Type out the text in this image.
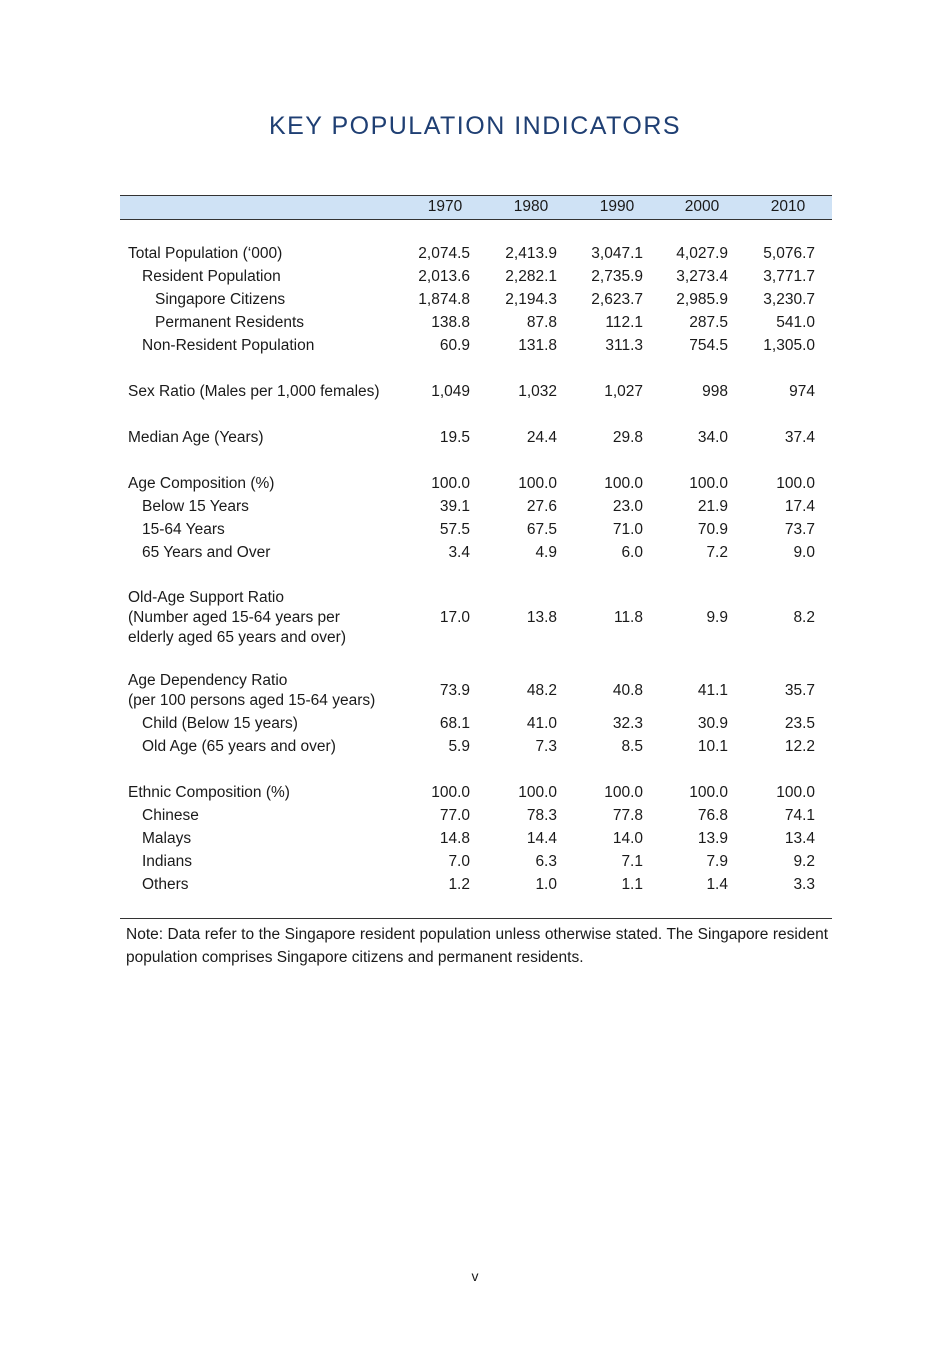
KEY POPULATION INDICATORS
1970	1980	1990	2000	2010
Total Population (‘000)	2,074.5	2,413.9	3,047.1	4,027.9	5,076.7
Resident Population	2,013.6	2,282.1	2,735.9	3,273.4	3,771.7
Singapore Citizens	1,874.8	2,194.3	2,623.7	2,985.9	3,230.7
Permanent Residents	138.8	87.8	112.1	287.5	541.0
Non-Resident Population	60.9	131.8	311.3	754.5	1,305.0
Sex Ratio (Males per 1,000 females)	1,049	1,032	1,027	998	974
Median Age (Years)	19.5	24.4	29.8	34.0	37.4
Age Composition (%)	100.0	100.0	100.0	100.0	100.0
Below 15 Years	39.1	27.6	23.0	21.9	17.4
15-64 Years	57.5	67.5	71.0	70.9	73.7
65 Years and Over	3.4	4.9	6.0	7.2	9.0
Old-Age Support Ratio
(Number aged 15-64 years per
elderly aged 65 years and over)
17.0	13.8	11.8	9.9	8.2
Age Dependency Ratio
(per 100 persons aged 15-64 years)
73.9	48.2	40.8	41.1	35.7
Child (Below 15 years)	68.1	41.0	32.3	30.9	23.5
Old Age (65 years and over)	5.9	7.3	8.5	10.1	12.2
Ethnic Composition (%)	100.0	100.0	100.0	100.0	100.0
Chinese	77.0	78.3	77.8	76.8	74.1
Malays	14.8	14.4	14.0	13.9	13.4
Indians	7.0	6.3	7.1	7.9	9.2
Others	1.2	1.0	1.1	1.4	3.3
Note: Data refer to the Singapore resident population unless otherwise stated. The Singapore resident population comprises Singapore citizens and permanent residents.
v
